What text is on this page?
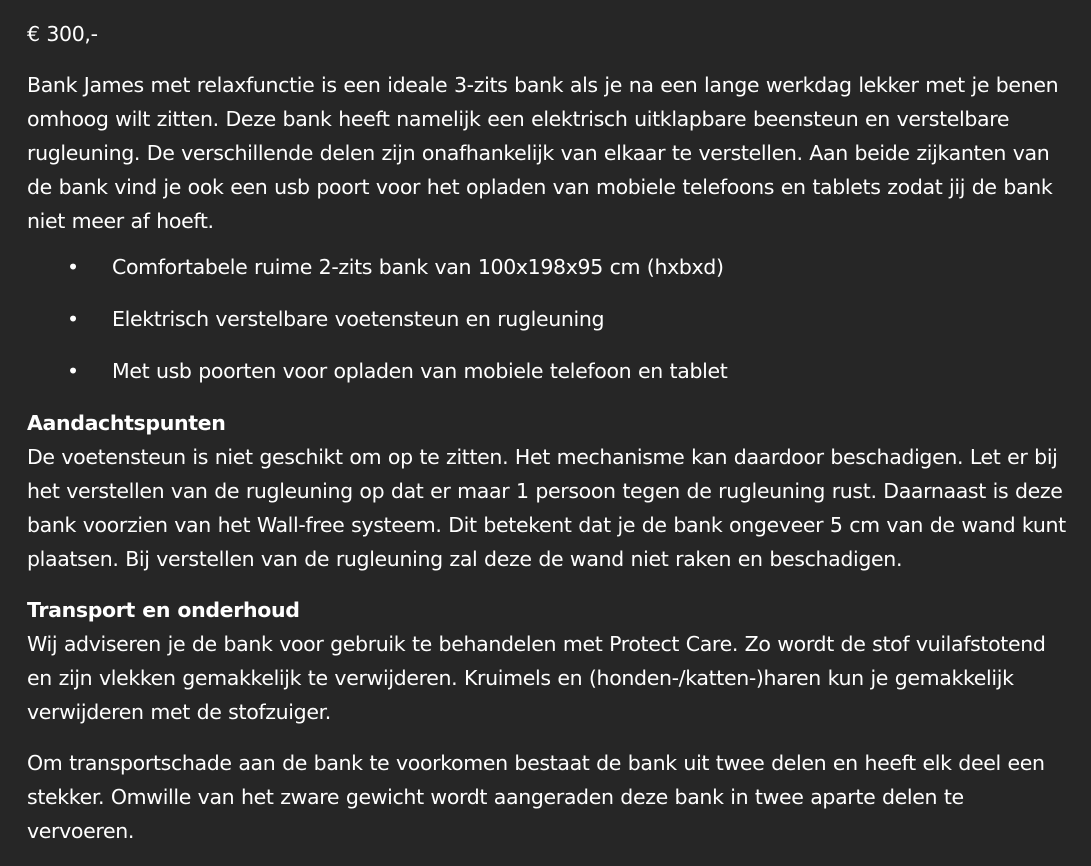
€ 300,-

Bank James met relaxfunctie is een ideale 3-zits bank als je na een lange werkdag lekker met je benen omhoog wilt zitten. Deze bank heeft namelijk een elektrisch uitklapbare beensteun en verstelbare rugleuning. De verschillende delen zijn onafhankelijk van elkaar te verstellen. Aan beide zijkanten van de bank vind je ook een usb poort voor het opladen van mobiele telefoons en tablets zodat jij de bank niet meer af hoeft.

• Comfortabele ruime 2-zits bank van 100x198x95 cm (hxbxd)
• Elektrisch verstelbare voetensteun en rugleuning
• Met usb poorten voor opladen van mobiele telefoon en tablet

Aandachtspunten

De voetensteun is niet geschikt om op te zitten. Het mechanisme kan daardoor beschadigen. Let er bij het verstellen van de rugleuning op dat er maar 1 persoon tegen de rugleuning rust. Daarnaast is deze bank voorzien van het Wall-free systeem. Dit betekent dat je de bank ongeveer 5 cm van de wand kunt plaatsen. Bij verstellen van de rugleuning zal deze de wand niet raken en beschadigen.

Transport en onderhoud

Wij adviseren je de bank voor gebruik te behandelen met Protect Care. Zo wordt de stof vuilafstotend en zijn vlekken gemakkelijk te verwijderen. Kruimels en (honden-/katten-)haren kun je gemakkelijk verwijderen met de stofzuiger.

Om transportschade aan de bank te voorkomen bestaat de bank uit twee delen en heeft elk deel een stekker. Omwille van het zware gewicht wordt aangeraden deze bank in twee aparte delen te vervoeren.
